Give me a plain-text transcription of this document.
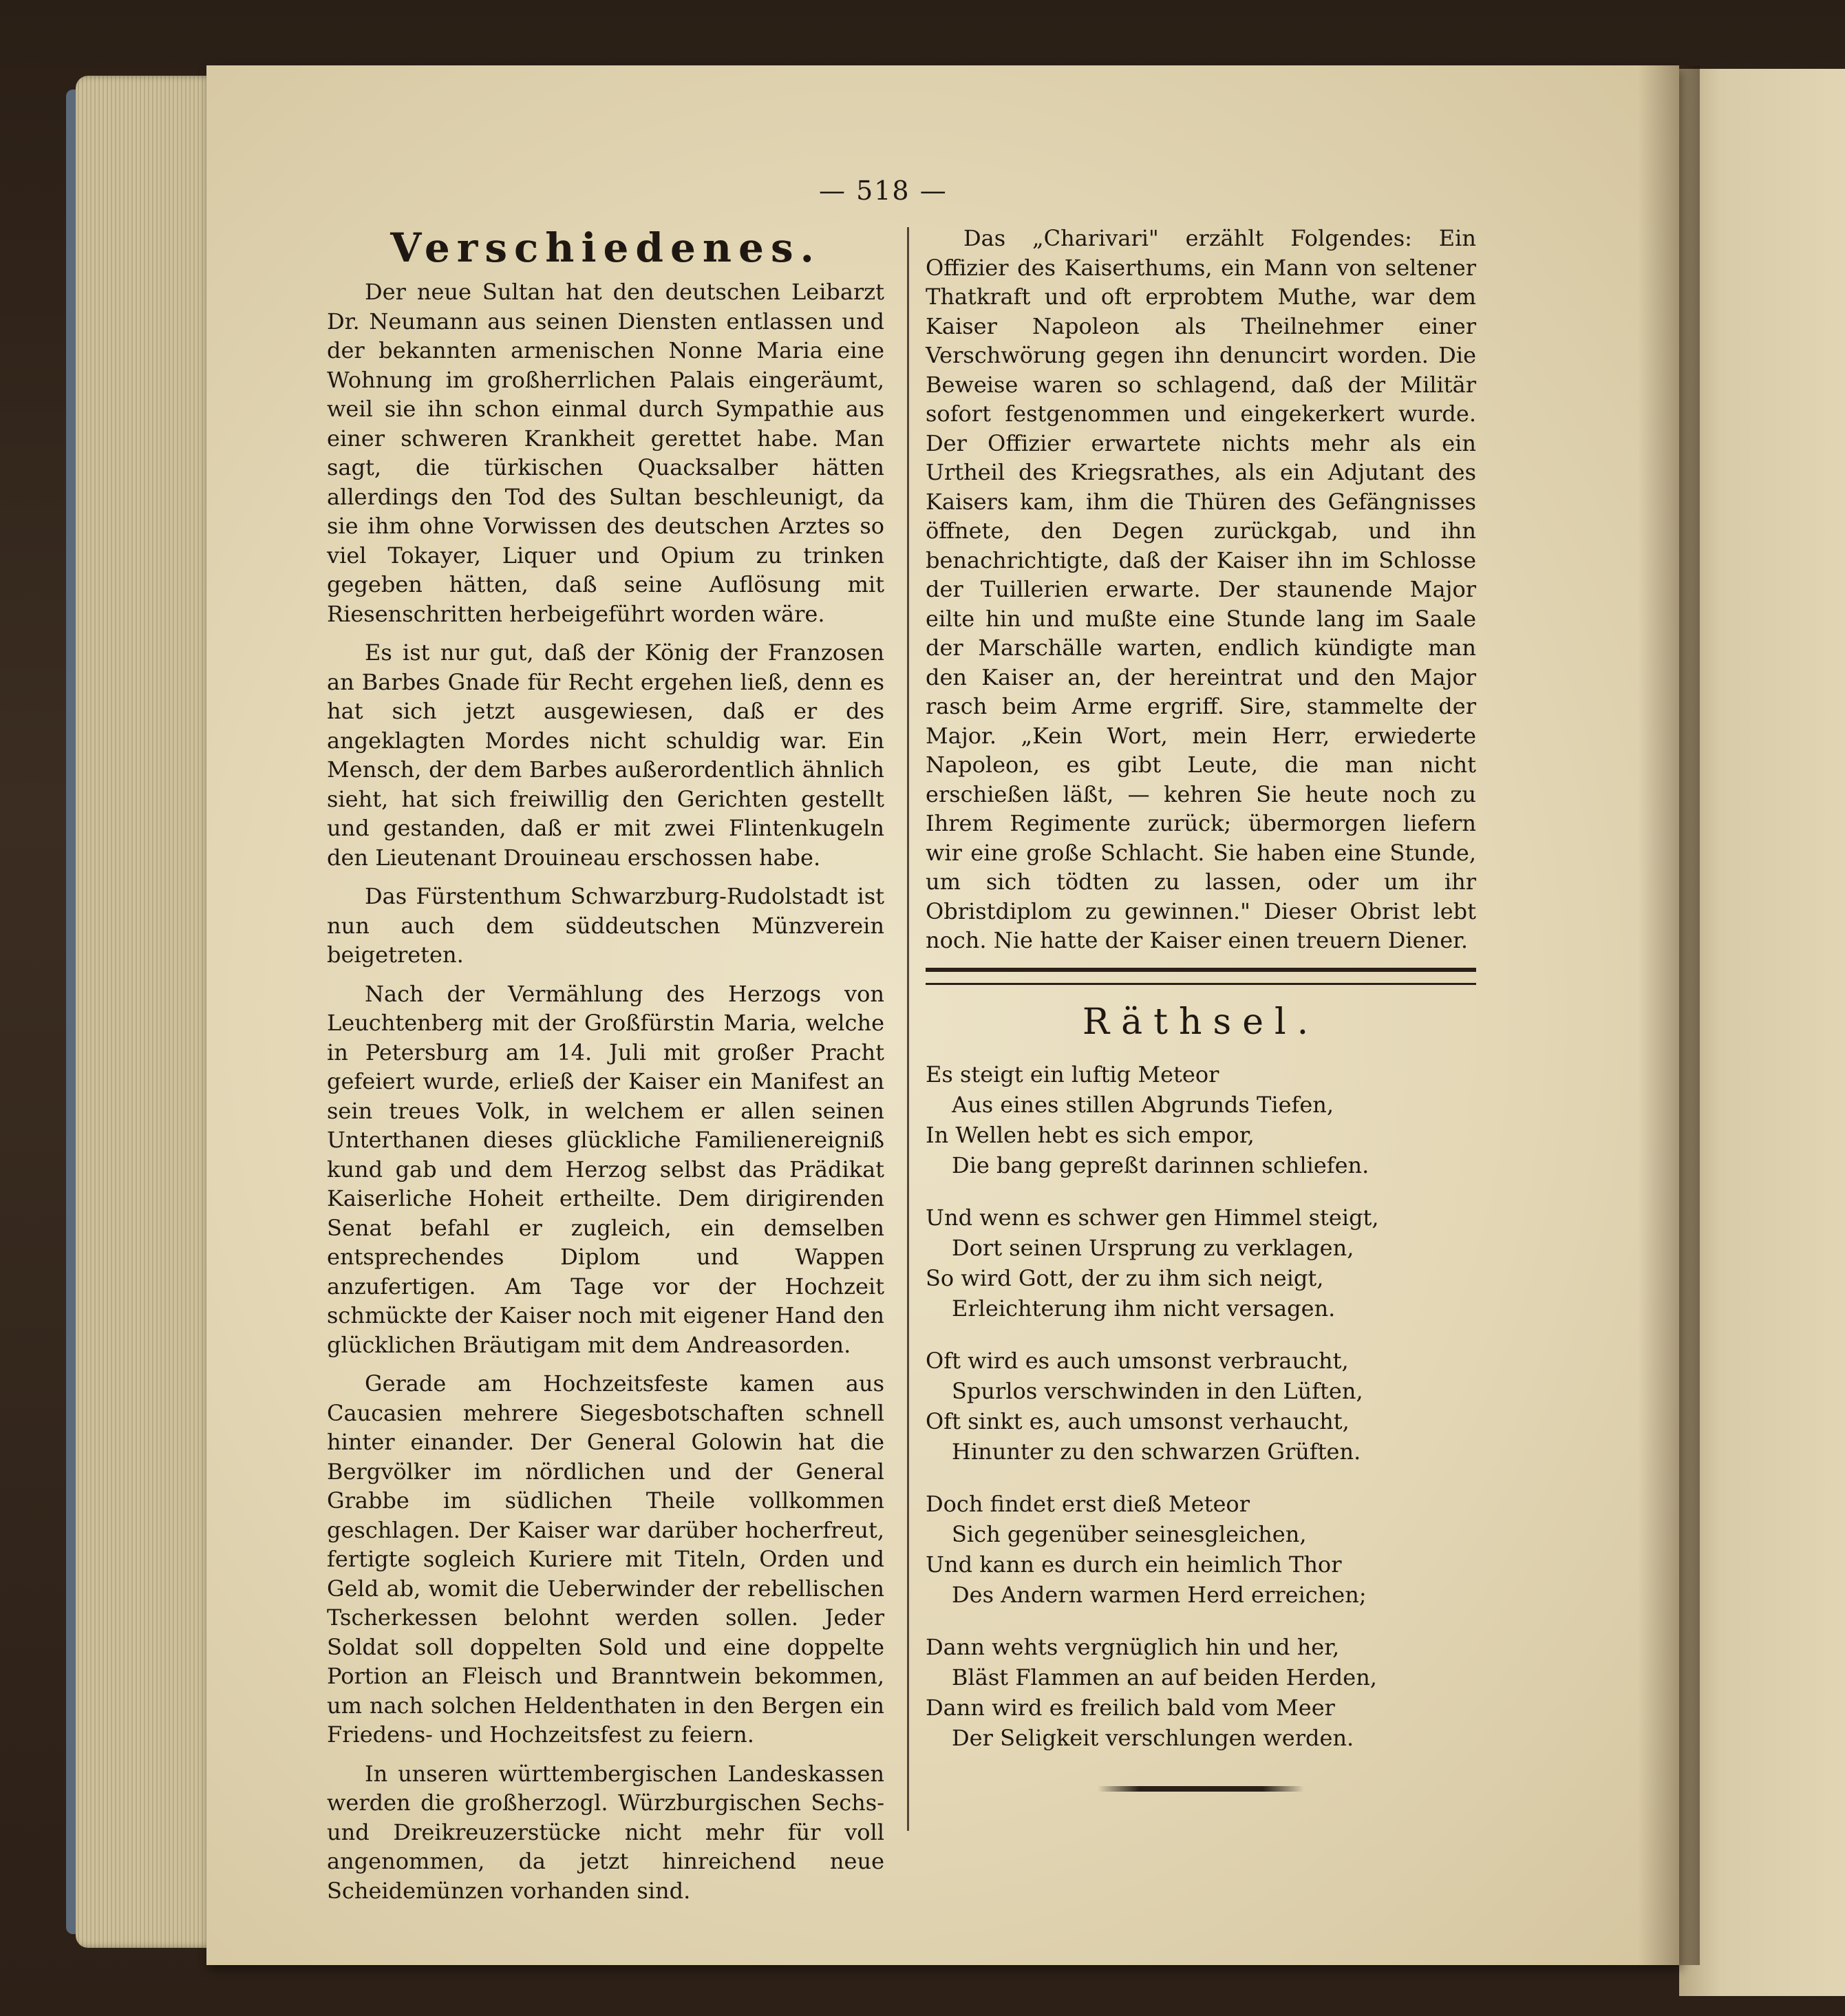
— 518 —
Verschiedenes.

Der neue Sultan hat den deutschen Leibarzt Dr. Neumann aus seinen Diensten entlassen und der bekannten armenischen Nonne Maria eine Wohnung im großherrlichen Palais eingeräumt, weil sie ihn schon einmal durch Sympathie aus einer schweren Krankheit gerettet habe. Man sagt, die türkischen Quacksalber hätten allerdings den Tod des Sultan beschleunigt, da sie ihm ohne Vorwissen des deutschen Arztes so viel Tokayer, Liquer und Opium zu trinken gegeben hätten, daß seine Auflösung mit Riesenschritten herbeigeführt worden wäre.

Es ist nur gut, daß der König der Franzosen an Barbes Gnade für Recht ergehen ließ, denn es hat sich jetzt ausgewiesen, daß er des angeklagten Mordes nicht schuldig war. Ein Mensch, der dem Barbes außerordentlich ähnlich sieht, hat sich freiwillig den Gerichten gestellt und gestanden, daß er mit zwei Flintenkugeln den Lieutenant Drouineau erschossen habe.

Das Fürstenthum Schwarzburg-Rudolstadt ist nun auch dem süddeutschen Münzverein beigetreten.

Nach der Vermählung des Herzogs von Leuchtenberg mit der Großfürstin Maria, welche in Petersburg am 14. Juli mit großer Pracht gefeiert wurde, erließ der Kaiser ein Manifest an sein treues Volk, in welchem er allen seinen Unterthanen dieses glückliche Familienereigniß kund gab und dem Herzog selbst das Prädikat Kaiserliche Hoheit ertheilte. Dem dirigirenden Senat befahl er zugleich, ein demselben entsprechendes Diplom und Wappen anzufertigen. Am Tage vor der Hochzeit schmückte der Kaiser noch mit eigener Hand den glücklichen Bräutigam mit dem Andreasorden.

Gerade am Hochzeitsfeste kamen aus Caucasien mehrere Siegesbotschaften schnell hinter einander. Der General Golowin hat die Bergvölker im nördlichen und der General Grabbe im südlichen Theile vollkommen geschlagen. Der Kaiser war darüber hocherfreut, fertigte sogleich Kuriere mit Titeln, Orden und Geld ab, womit die Ueberwinder der rebellischen Tscherkessen belohnt werden sollen. Jeder Soldat soll doppelten Sold und eine doppelte Portion an Fleisch und Branntwein bekommen, um nach solchen Heldenthaten in den Bergen ein Friedens- und Hochzeitsfest zu feiern.

In unseren württembergischen Landeskassen werden die großherzogl. Würzburgischen Sechs- und Dreikreuzerstücke nicht mehr für voll angenommen, da jetzt hinreichend neue Scheidemünzen vorhanden sind.

Das „Charivari" erzählt Folgendes: Ein Offizier des Kaiserthums, ein Mann von seltener Thatkraft und oft erprobtem Muthe, war dem Kaiser Napoleon als Theilnehmer einer Verschwörung gegen ihn denuncirt worden. Die Beweise waren so schlagend, daß der Militär sofort festgenommen und eingekerkert wurde. Der Offizier erwartete nichts mehr als ein Urtheil des Kriegsrathes, als ein Adjutant des Kaisers kam, ihm die Thüren des Gefängnisses öffnete, den Degen zurückgab, und ihn benachrichtigte, daß der Kaiser ihn im Schlosse der Tuillerien erwarte. Der staunende Major eilte hin und mußte eine Stunde lang im Saale der Marschälle warten, endlich kündigte man den Kaiser an, der hereintrat und den Major rasch beim Arme ergriff. Sire, stammelte der Major. „Kein Wort, mein Herr, erwiederte Napoleon, es gibt Leute, die man nicht erschießen läßt, — kehren Sie heute noch zu Ihrem Regimente zurück; übermorgen liefern wir eine große Schlacht. Sie haben eine Stunde, um sich tödten zu lassen, oder um ihr Obristdiplom zu gewinnen." Dieser Obrist lebt noch. Nie hatte der Kaiser einen treuern Diener.

Räthsel.
Es steigt ein luftig Meteor
Aus eines stillen Abgrunds Tiefen,
In Wellen hebt es sich empor,
Die bang gepreßt darinnen schliefen.
Und wenn es schwer gen Himmel steigt,
Dort seinen Ursprung zu verklagen,
So wird Gott, der zu ihm sich neigt,
Erleichterung ihm nicht versagen.
Oft wird es auch umsonst verbraucht,
Spurlos verschwinden in den Lüften,
Oft sinkt es, auch umsonst verhaucht,
Hinunter zu den schwarzen Grüften.
Doch findet erst dieß Meteor
Sich gegenüber seinesgleichen,
Und kann es durch ein heimlich Thor
Des Andern warmen Herd erreichen;
Dann wehts vergnüglich hin und her,
Bläst Flammen an auf beiden Herden,
Dann wird es freilich bald vom Meer
Der Seligkeit verschlungen werden.
